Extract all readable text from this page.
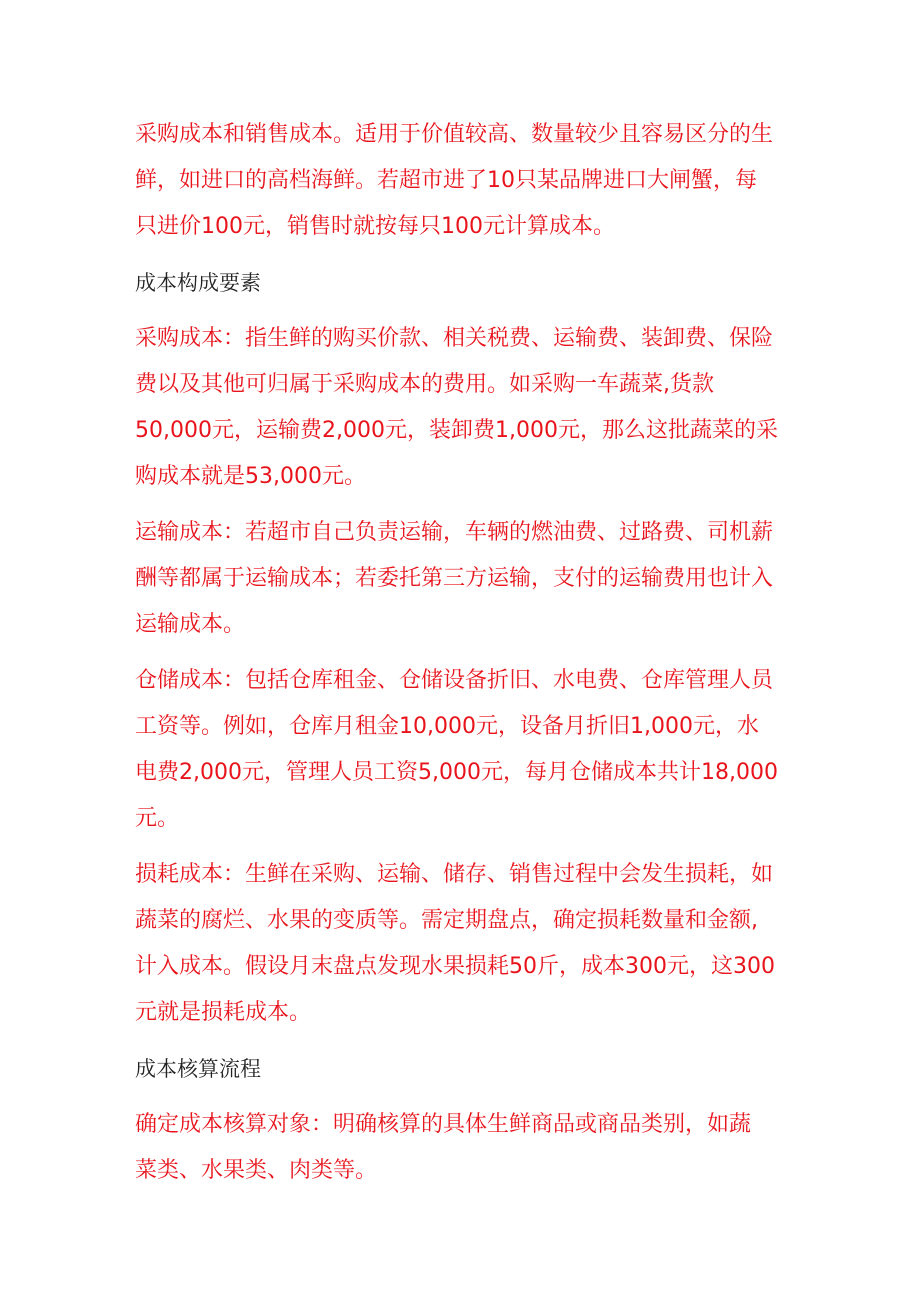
采购成本和销售成本。适用于价值较高、数量较少且容易区分的生
鲜，如进口的高档海鲜。若超市进了10只某品牌进口大闸蟹，每
只进价100元，销售时就按每只100元计算成本。
成本构成要素
采购成本：指生鲜的购买价款、相关税费、运输费、装卸费、保险
费以及其他可归属于采购成本的费用。如采购一车蔬菜,货款
50,000元，运输费2,000元，装卸费1,000元，那么这批蔬菜的采
购成本就是53,000元。
运输成本：若超市自己负责运输，车辆的燃油费、过路费、司机薪
酬等都属于运输成本；若委托第三方运输，支付的运输费用也计入
运输成本。
仓储成本：包括仓库租金、仓储设备折旧、水电费、仓库管理人员
工资等。例如，仓库月租金10,000元，设备月折旧1,000元，水
电费2,000元，管理人员工资5,000元，每月仓储成本共计18,000
元。
损耗成本：生鲜在采购、运输、储存、销售过程中会发生损耗，如
蔬菜的腐烂、水果的变质等。需定期盘点，确定损耗数量和金额,
计入成本。假设月末盘点发现水果损耗50斤，成本300元，这300
元就是损耗成本。
成本核算流程
确定成本核算对象：明确核算的具体生鲜商品或商品类别，如蔬
菜类、水果类、肉类等。
